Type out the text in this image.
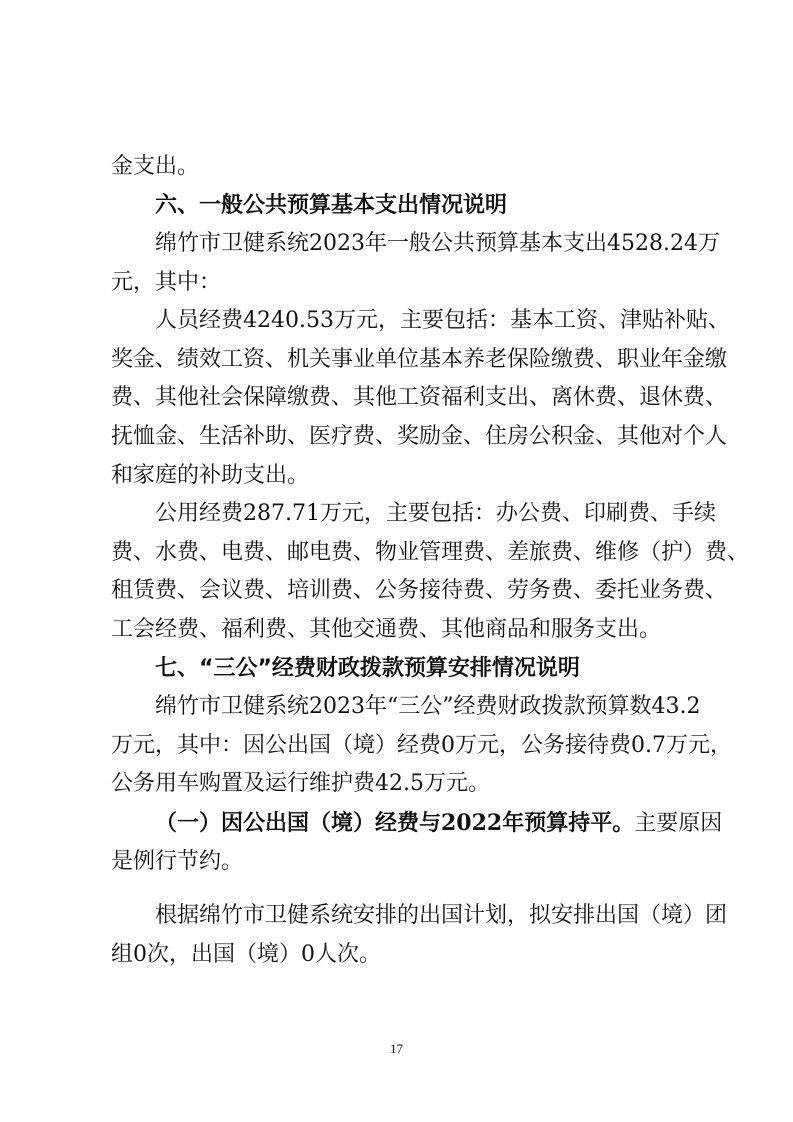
金支出。
六、一般公共预算基本支出情况说明
绵竹市卫健系统2023年一般公共预算基本支出4528.24万
元，其中：
人员经费4240.53万元，主要包括：基本工资、津贴补贴、
奖金、绩效工资、机关事业单位基本养老保险缴费、职业年金缴
费、其他社会保障缴费、其他工资福利支出、离休费、退休费、
抚恤金、生活补助、医疗费、奖励金、住房公积金、其他对个人
和家庭的补助支出。
公用经费287.71万元，主要包括：办公费、印刷费、手续
费、水费、电费、邮电费、物业管理费、差旅费、维修（护）费、
租赁费、会议费、培训费、公务接待费、劳务费、委托业务费、
工会经费、福利费、其他交通费、其他商品和服务支出。
七、“三公”经费财政拨款预算安排情况说明
绵竹市卫健系统2023年“三公”经费财政拨款预算数43.2
万元，其中：因公出国（境）经费0万元，公务接待费0.7万元，
公务用车购置及运行维护费42.5万元。
（一）因公出国（境）经费与2022年预算持平。主要原因
是例行节约。
根据绵竹市卫健系统安排的出国计划，拟安排出国（境）团
组0次，出国（境）0人次。
17
